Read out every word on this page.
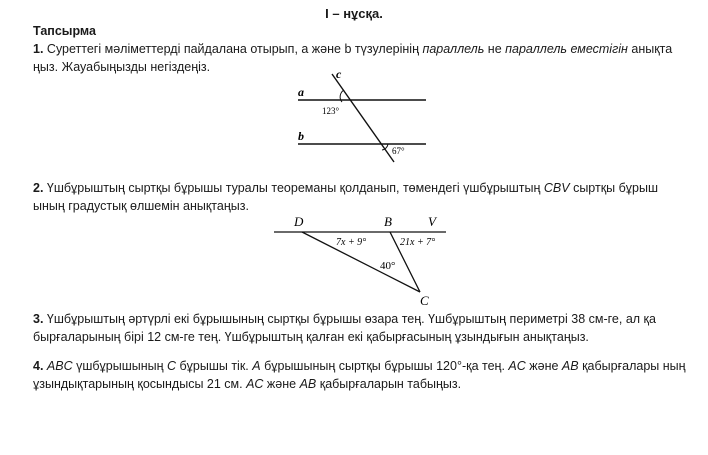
I – нұсқа.
Тапсырма
1. Суреттегі мәліметтерді пайдалана отырып, a және b түзулерінің параллель не параллель еместігін анықта ңыз. Жауабыңызды негіздеңіз.
a
b
c
123°
67°
2. Үшбұрыштың сыртқы бұрышы туралы теореманы қолданып, төмендегі үшбұрыштың CBV сыртқы бұрыш ының градустық өлшемін анықтаңыз.
D	B	V
C
7x + 9°	21x + 7°
40°
3. Үшбұрыштың әртүрлі екі бұрышының сыртқы бұрышы өзара тең. Үшбұрыштың периметрі 38 см-ге, ал қа бырғаларының бірі 12 см-ге тең. Үшбұрыштың қалған екі қабырғасының ұзындығын анықтаңыз.
4. ABC үшбұрышының C бұрышы тік. A бұрышының сыртқы бұрышы 120°-қа тең. AC және AB қабырғалары ның ұзындықтарының қосындысы 21 см. AC және AB қабырғаларын табыңыз.
